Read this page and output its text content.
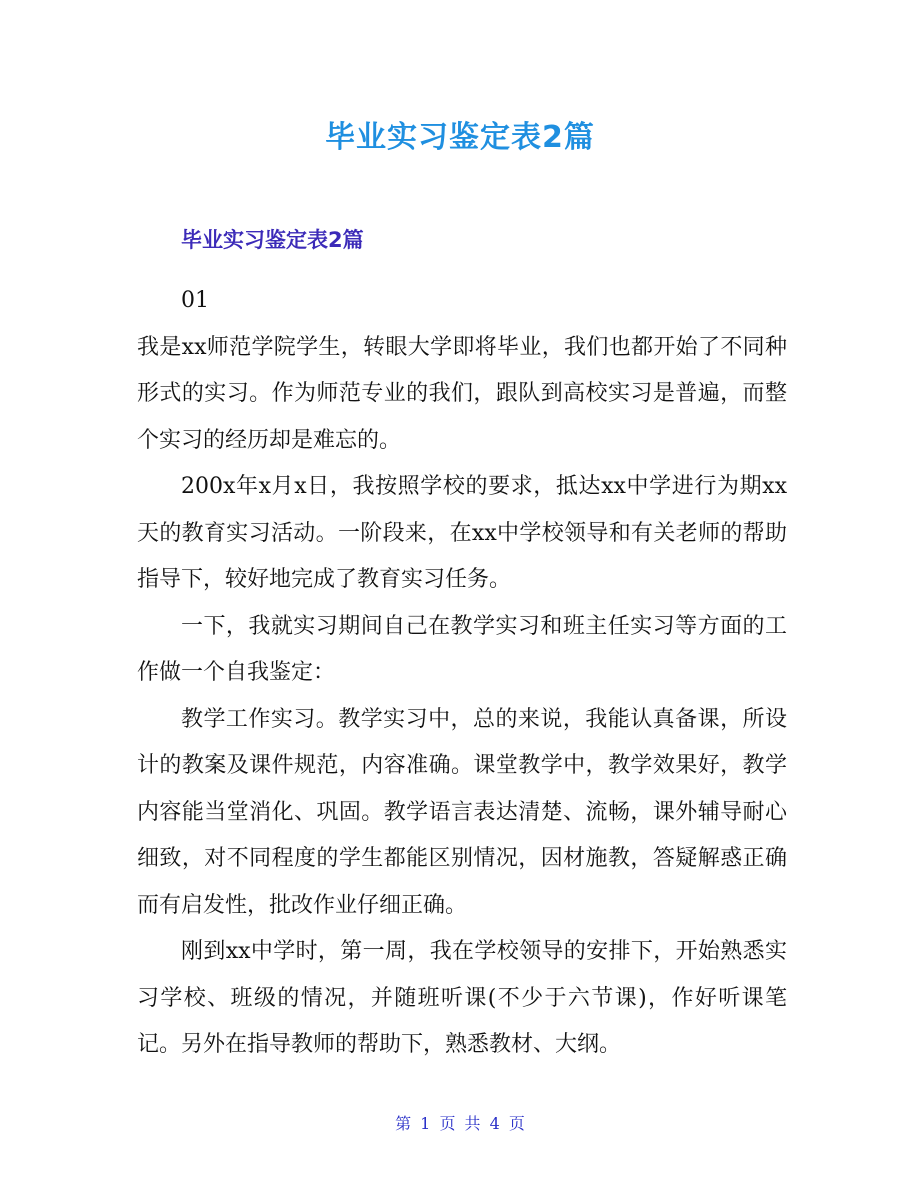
毕业实习鉴定表2篇
毕业实习鉴定表2篇

01

我是xx师范学院学生，转眼大学即将毕业，我们也都开始了不同种形式的实习。作为师范专业的我们，跟队到高校实习是普遍，而整个实习的经历却是难忘的。

200x年x月x日，我按照学校的要求，抵达xx中学进行为期xx天的教育实习活动。一阶段来，在xx中学校领导和有关老师的帮助指导下，较好地完成了教育实习任务。

一下，我就实习期间自己在教学实习和班主任实习等方面的工作做一个自我鉴定：

教学工作实习。教学实习中，总的来说，我能认真备课，所设计的教案及课件规范，内容准确。课堂教学中，教学效果好，教学内容能当堂消化、巩固。教学语言表达清楚、流畅，课外辅导耐心细致，对不同程度的学生都能区别情况，因材施教，答疑解惑正确而有启发性，批改作业仔细正确。

刚到xx中学时，第一周，我在学校领导的安排下，开始熟悉实习学校、班级的情况，并随班听课(不少于六节课)，作好听课笔记。另外在指导教师的帮助下，熟悉教材、大纲。

第 1 页 共 4 页
